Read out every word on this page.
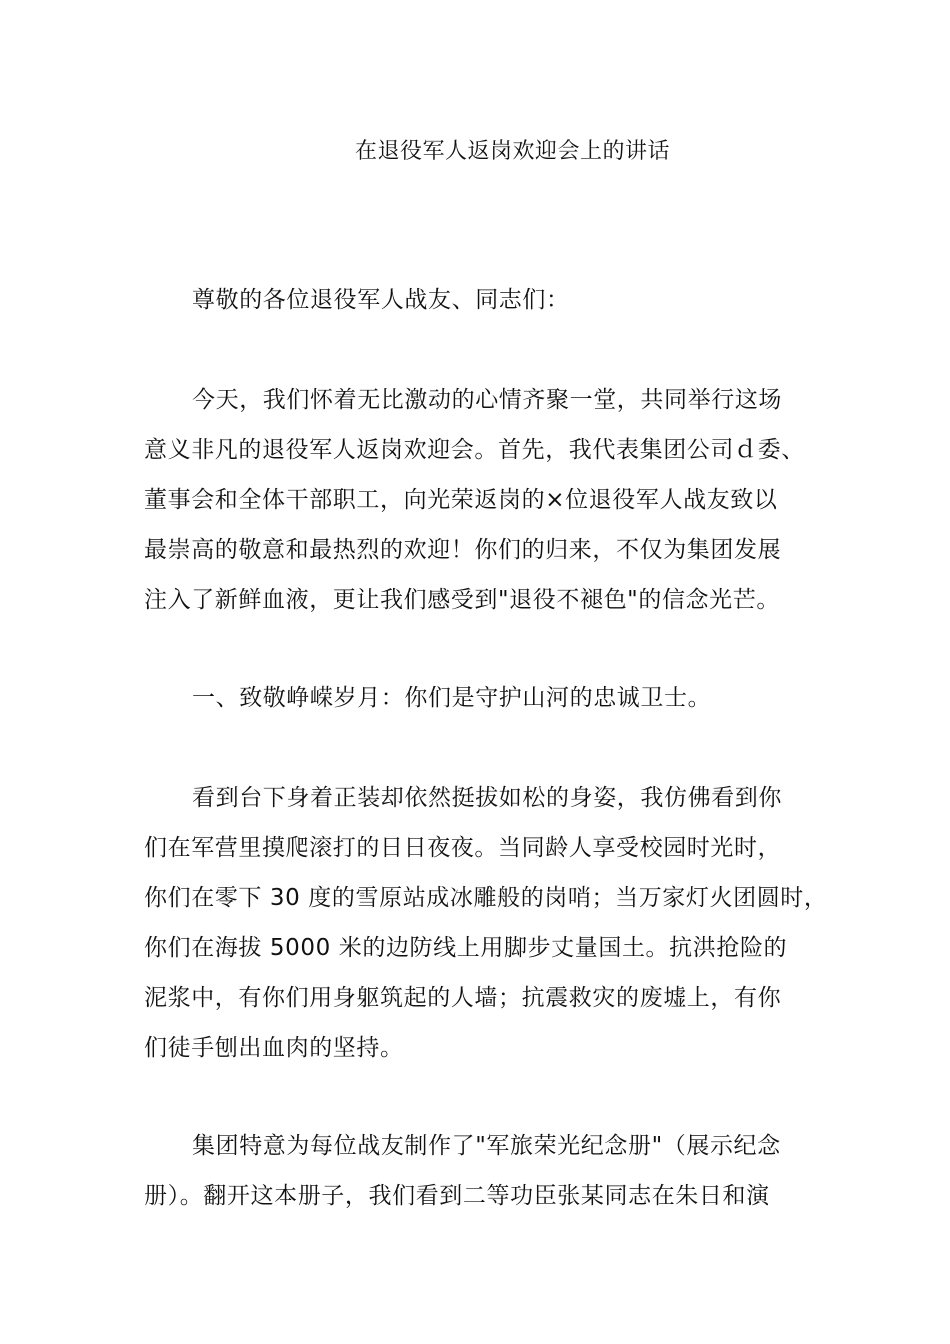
在退役军人返岗欢迎会上的讲话
尊敬的各位退役军人战友、同志们：
今天，我们怀着无比激动的心情齐聚一堂，共同举行这场
意义非凡的退役军人返岗欢迎会。首先，我代表集团公司ｄ委、
董事会和全体干部职工，向光荣返岗的×位退役军人战友致以
最崇高的敬意和最热烈的欢迎！你们的归来，不仅为集团发展
注入了新鲜血液，更让我们感受到"退役不褪色"的信念光芒。
一、致敬峥嵘岁月：你们是守护山河的忠诚卫士。
看到台下身着正装却依然挺拔如松的身姿，我仿佛看到你
们在军营里摸爬滚打的日日夜夜。当同龄人享受校园时光时，
你们在零下 30 度的雪原站成冰雕般的岗哨；当万家灯火团圆时，
你们在海拔 5000 米的边防线上用脚步丈量国土。抗洪抢险的
泥浆中，有你们用身躯筑起的人墙；抗震救灾的废墟上，有你
们徒手刨出血肉的坚持。
集团特意为每位战友制作了"军旅荣光纪念册"（展示纪念
册）。翻开这本册子，我们看到二等功臣张某同志在朱日和演
